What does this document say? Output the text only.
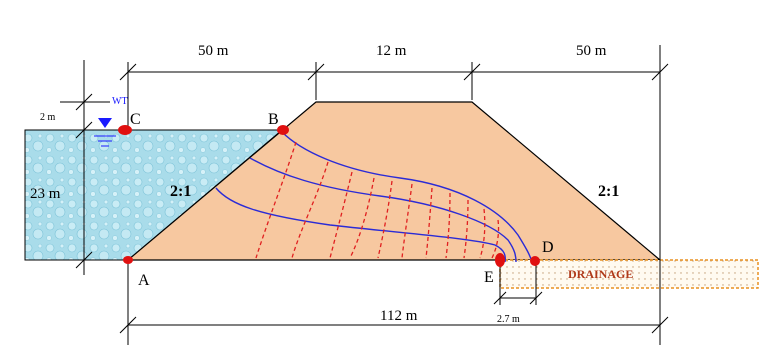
DRAINAGE
WT
50 m	12 m	50 m
112 m
2 m
23 m
2.7 m
2:1	2:1
C	B
A	E
D
